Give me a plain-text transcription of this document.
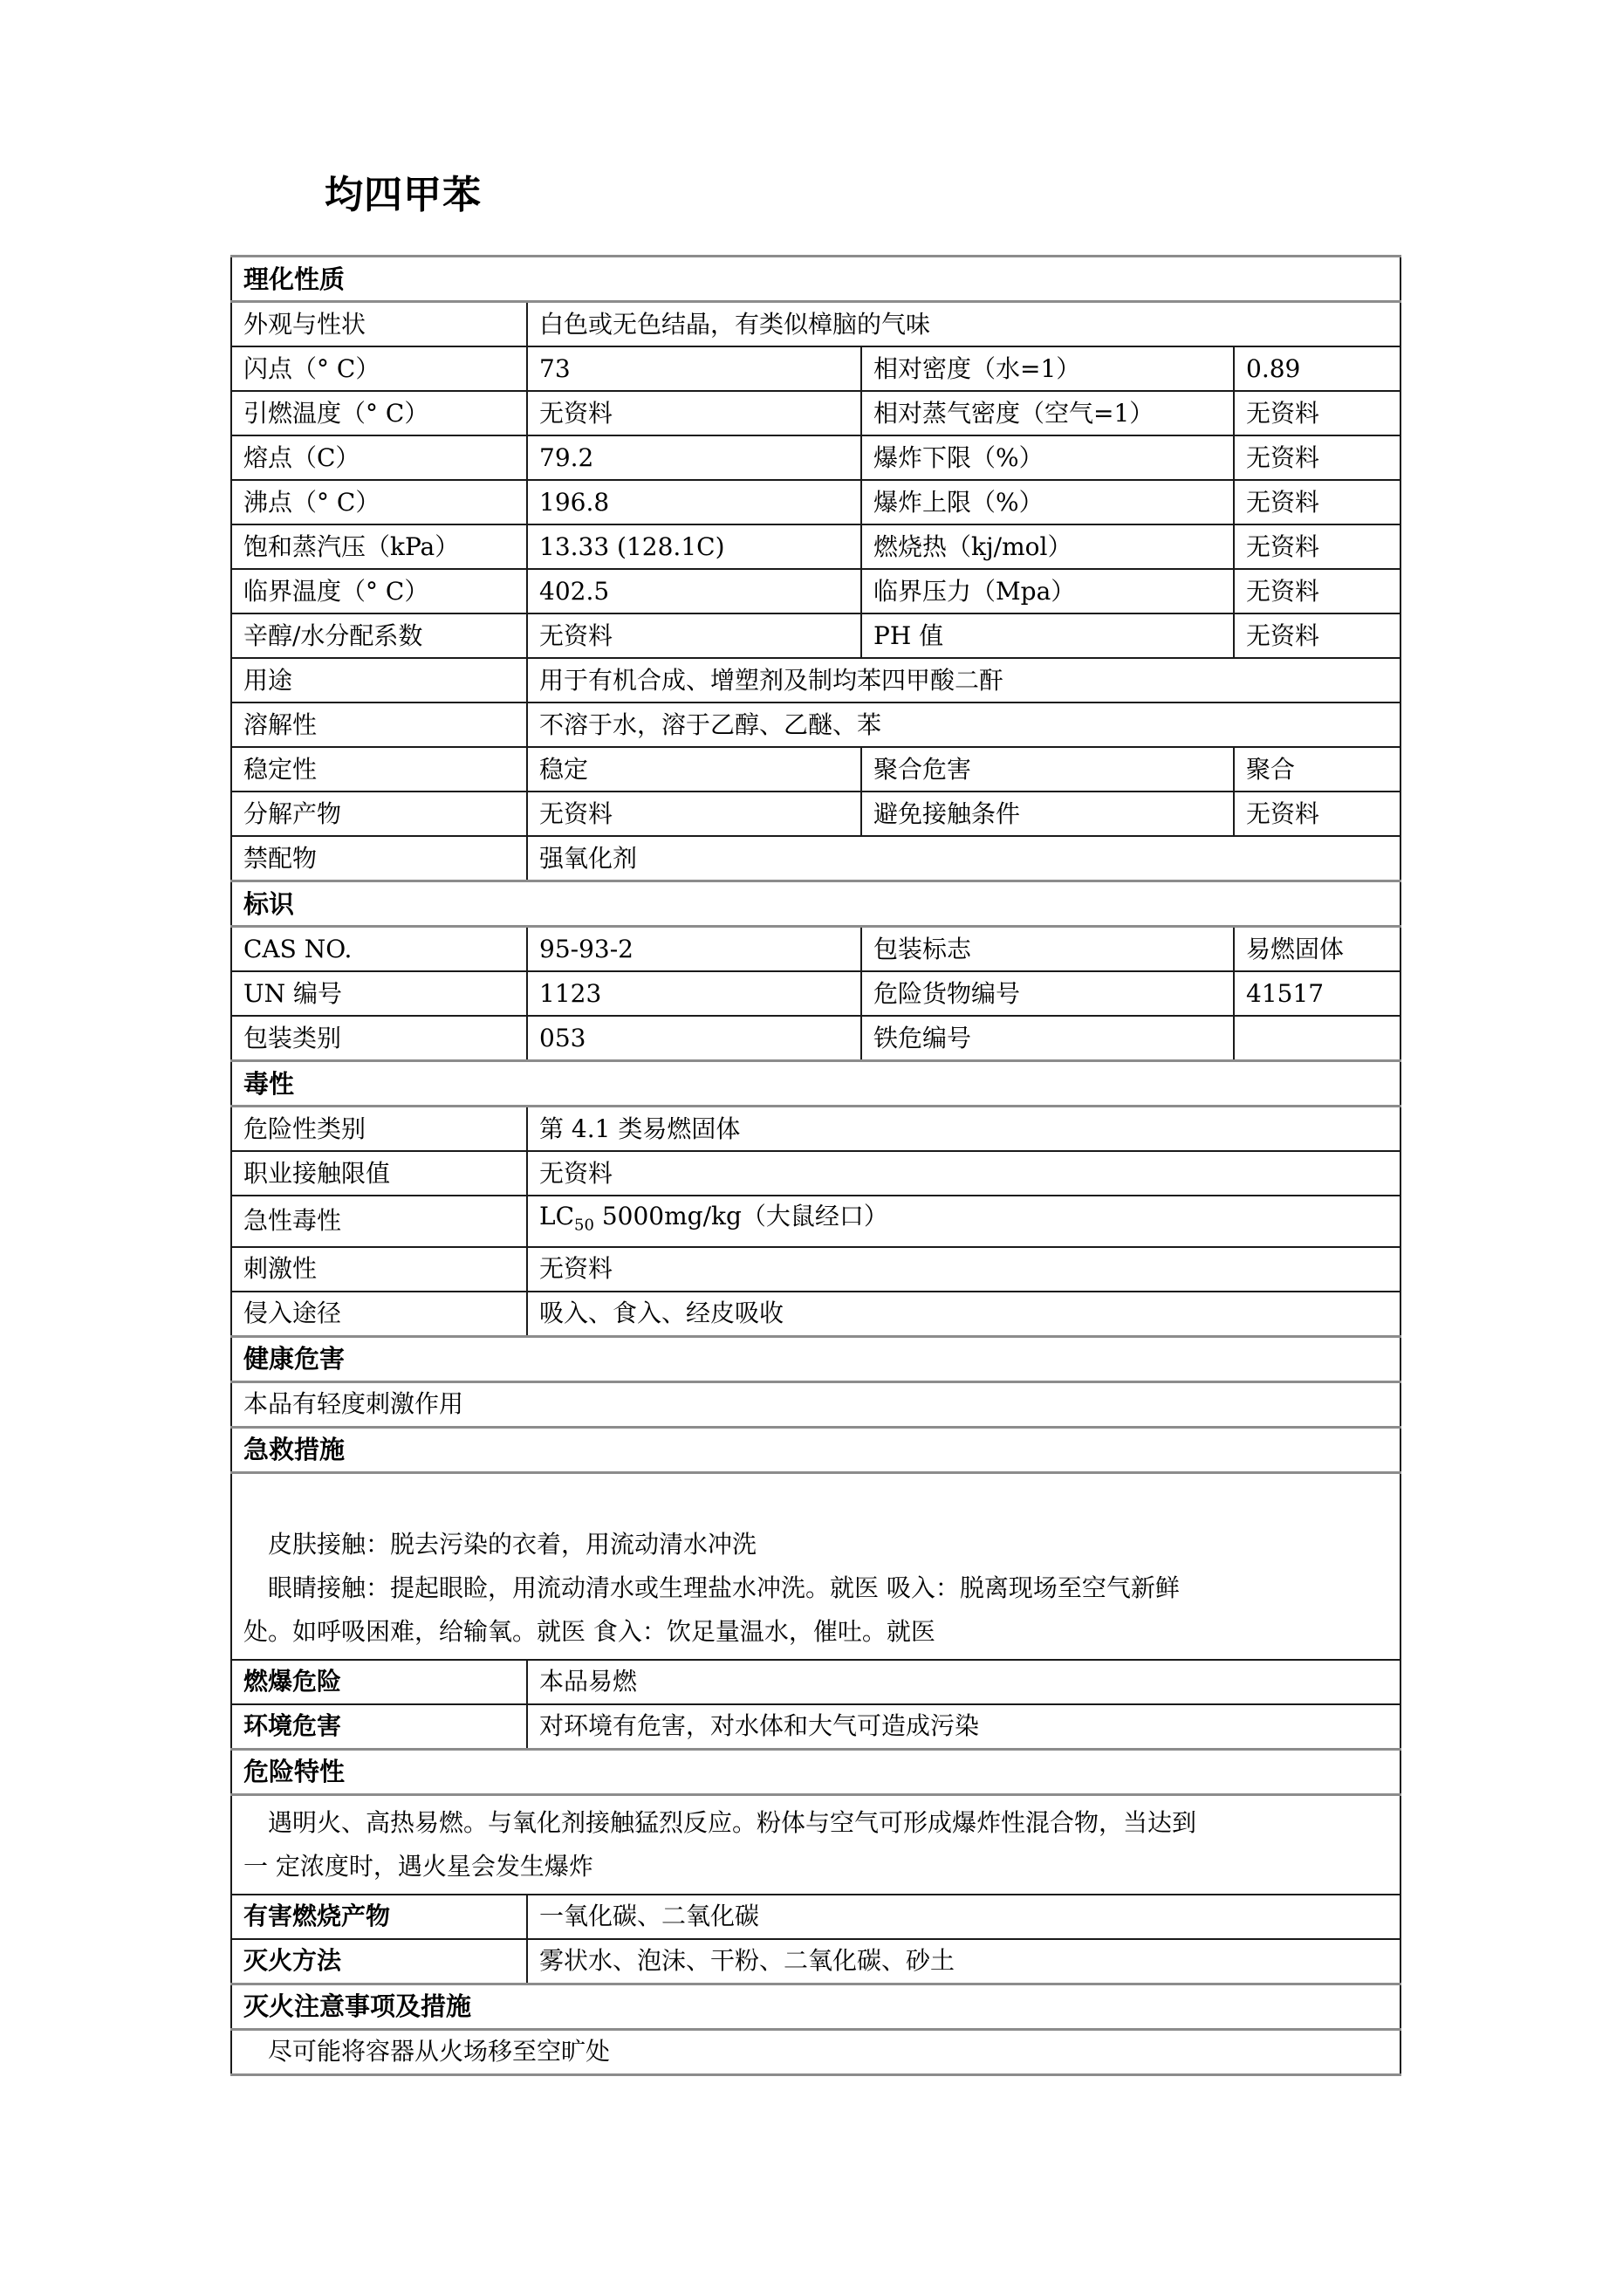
均四甲苯
理化性质			
外观与性状	白色或无色结晶，有类似樟脑的气味		
闪点（° C）	73	相对密度（水=1）	0.89
引燃温度（° C）	无资料	相对蒸气密度（空气=1）	无资料
熔点（C）	79.2	爆炸下限（%）	无资料
沸点（° C）	196.8	爆炸上限（%）	无资料
饱和蒸汽压（kPa）	13.33 (128.1C)	燃烧热（kj/mol）	无资料
临界温度（° C）	402.5	临界压力（Mpa）	无资料
辛醇/水分配系数	无资料	PH 值	无资料
用途	用于有机合成、增塑剂及制均苯四甲酸二酐		
溶解性	不溶于水，溶于乙醇、乙醚、苯		
稳定性	稳定	聚合危害	聚合
分解产物	无资料	避免接触条件	无资料
禁配物	强氧化剂		
标识			
CAS NO.	95-93-2	包装标志	易燃固体
UN 编号	1123	危险货物编号	41517
包装类别	053	铁危编号	
毒性			
危险性类别	第 4.1 类易燃固体		
职业接触限值	无资料		
急性毒性	$LC_{50}$ 5000mg/kg（大鼠经口）		
刺激性	无资料		
侵入途径	吸入、食入、经皮吸收		
健康危害			
本品有轻度刺激作用			
急救措施			

　皮肤接触：脱去污染的衣着，用流动清水冲洗
　眼睛接触：提起眼睑，用流动清水或生理盐水冲洗。就医 吸入：脱离现场至空气新鲜
处。如呼吸困难，给输氧。就医 食入：饮足量温水，催吐。就医			

燃爆危险	本品易燃		
环境危害	对环境有危害，对水体和大气可造成污染		
危险特性			

　遇明火、高热易燃。与氧化剂接触猛烈反应。粉体与空气可形成爆炸性混合物，当达到
一 定浓度时，遇火星会发生爆炸			

有害燃烧产物	一氧化碳、二氧化碳		
灭火方法	雾状水、泡沫、干粉、二氧化碳、砂土		
灭火注意事项及措施			
　尽可能将容器从火场移至空旷处			
